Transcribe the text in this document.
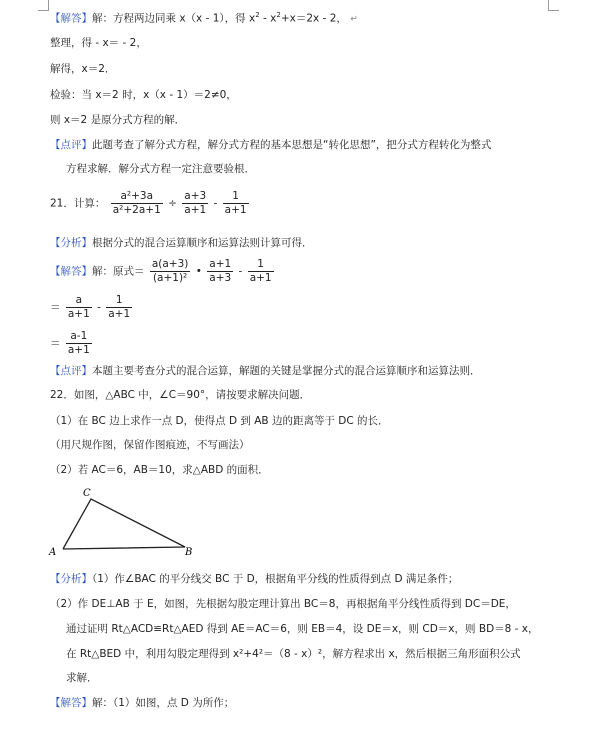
【解答】解：方程两边同乘 x（x - 1），得 $x^2 - x^2+x=2x - 2$， ↵
整理，得 - x＝ - 2，
解得，x＝2．
检验：当 x＝2 时，x（x - 1）＝2≠0，
则 x＝2 是原分式方程的解．
【点评】此题考查了解分式方程，解分式方程的基本思想是“转化思想”，把分式方程转化为整式
方程求解．解分式方程一定注意要验根．
21．计算： $\frac{\text{a²+3a}}{\text{a²+2a+1}} \div \frac{a+3}{a+1} - \frac{1}{a+1}$
【分析】根据分式的混合运算顺序和运算法则计算可得．
【解答】解：原式＝ $\frac{a(a+3)}{\text{(a+1)²}}$ • $\frac{a+1}{a+3} - \frac{1}{a+1}$
＝ $\frac{a}{a+1} - \frac{1}{a+1}$
＝ $\frac{a-1}{a+1}$
【点评】本题主要考查分式的混合运算，解题的关键是掌握分式的混合运算顺序和运算法则．
22．如图，△ABC 中，∠C＝90°，请按要求解决问题．
（1）在 BC 边上求作一点 D，使得点 D 到 AB 边的距离等于 DC 的长．
（用尺规作图，保留作图痕迹，不写画法）
（2）若 AC＝6，AB＝10，求△ABD 的面积．
C
A	B
【分析】（1）作∠BAC 的平分线交 BC 于 D，根据角平分线的性质得到点 D 满足条件；
（2）作 DE⊥AB 于 E，如图，先根据勾股定理计算出 BC＝8，再根据角平分线性质得到 DC＝DE，
通过证明 Rt△ACD≌Rt△AED 得到 AE＝AC＝6，则 EB＝4，设 DE＝x，则 CD＝x，则 BD＝8 - x，
在 Rt△BED 中，利用勾股定理得到 x²+4²＝（8 - x）²，解方程求出 x，然后根据三角形面积公式
求解．
【解答】解：（1）如图，点 D 为所作；
